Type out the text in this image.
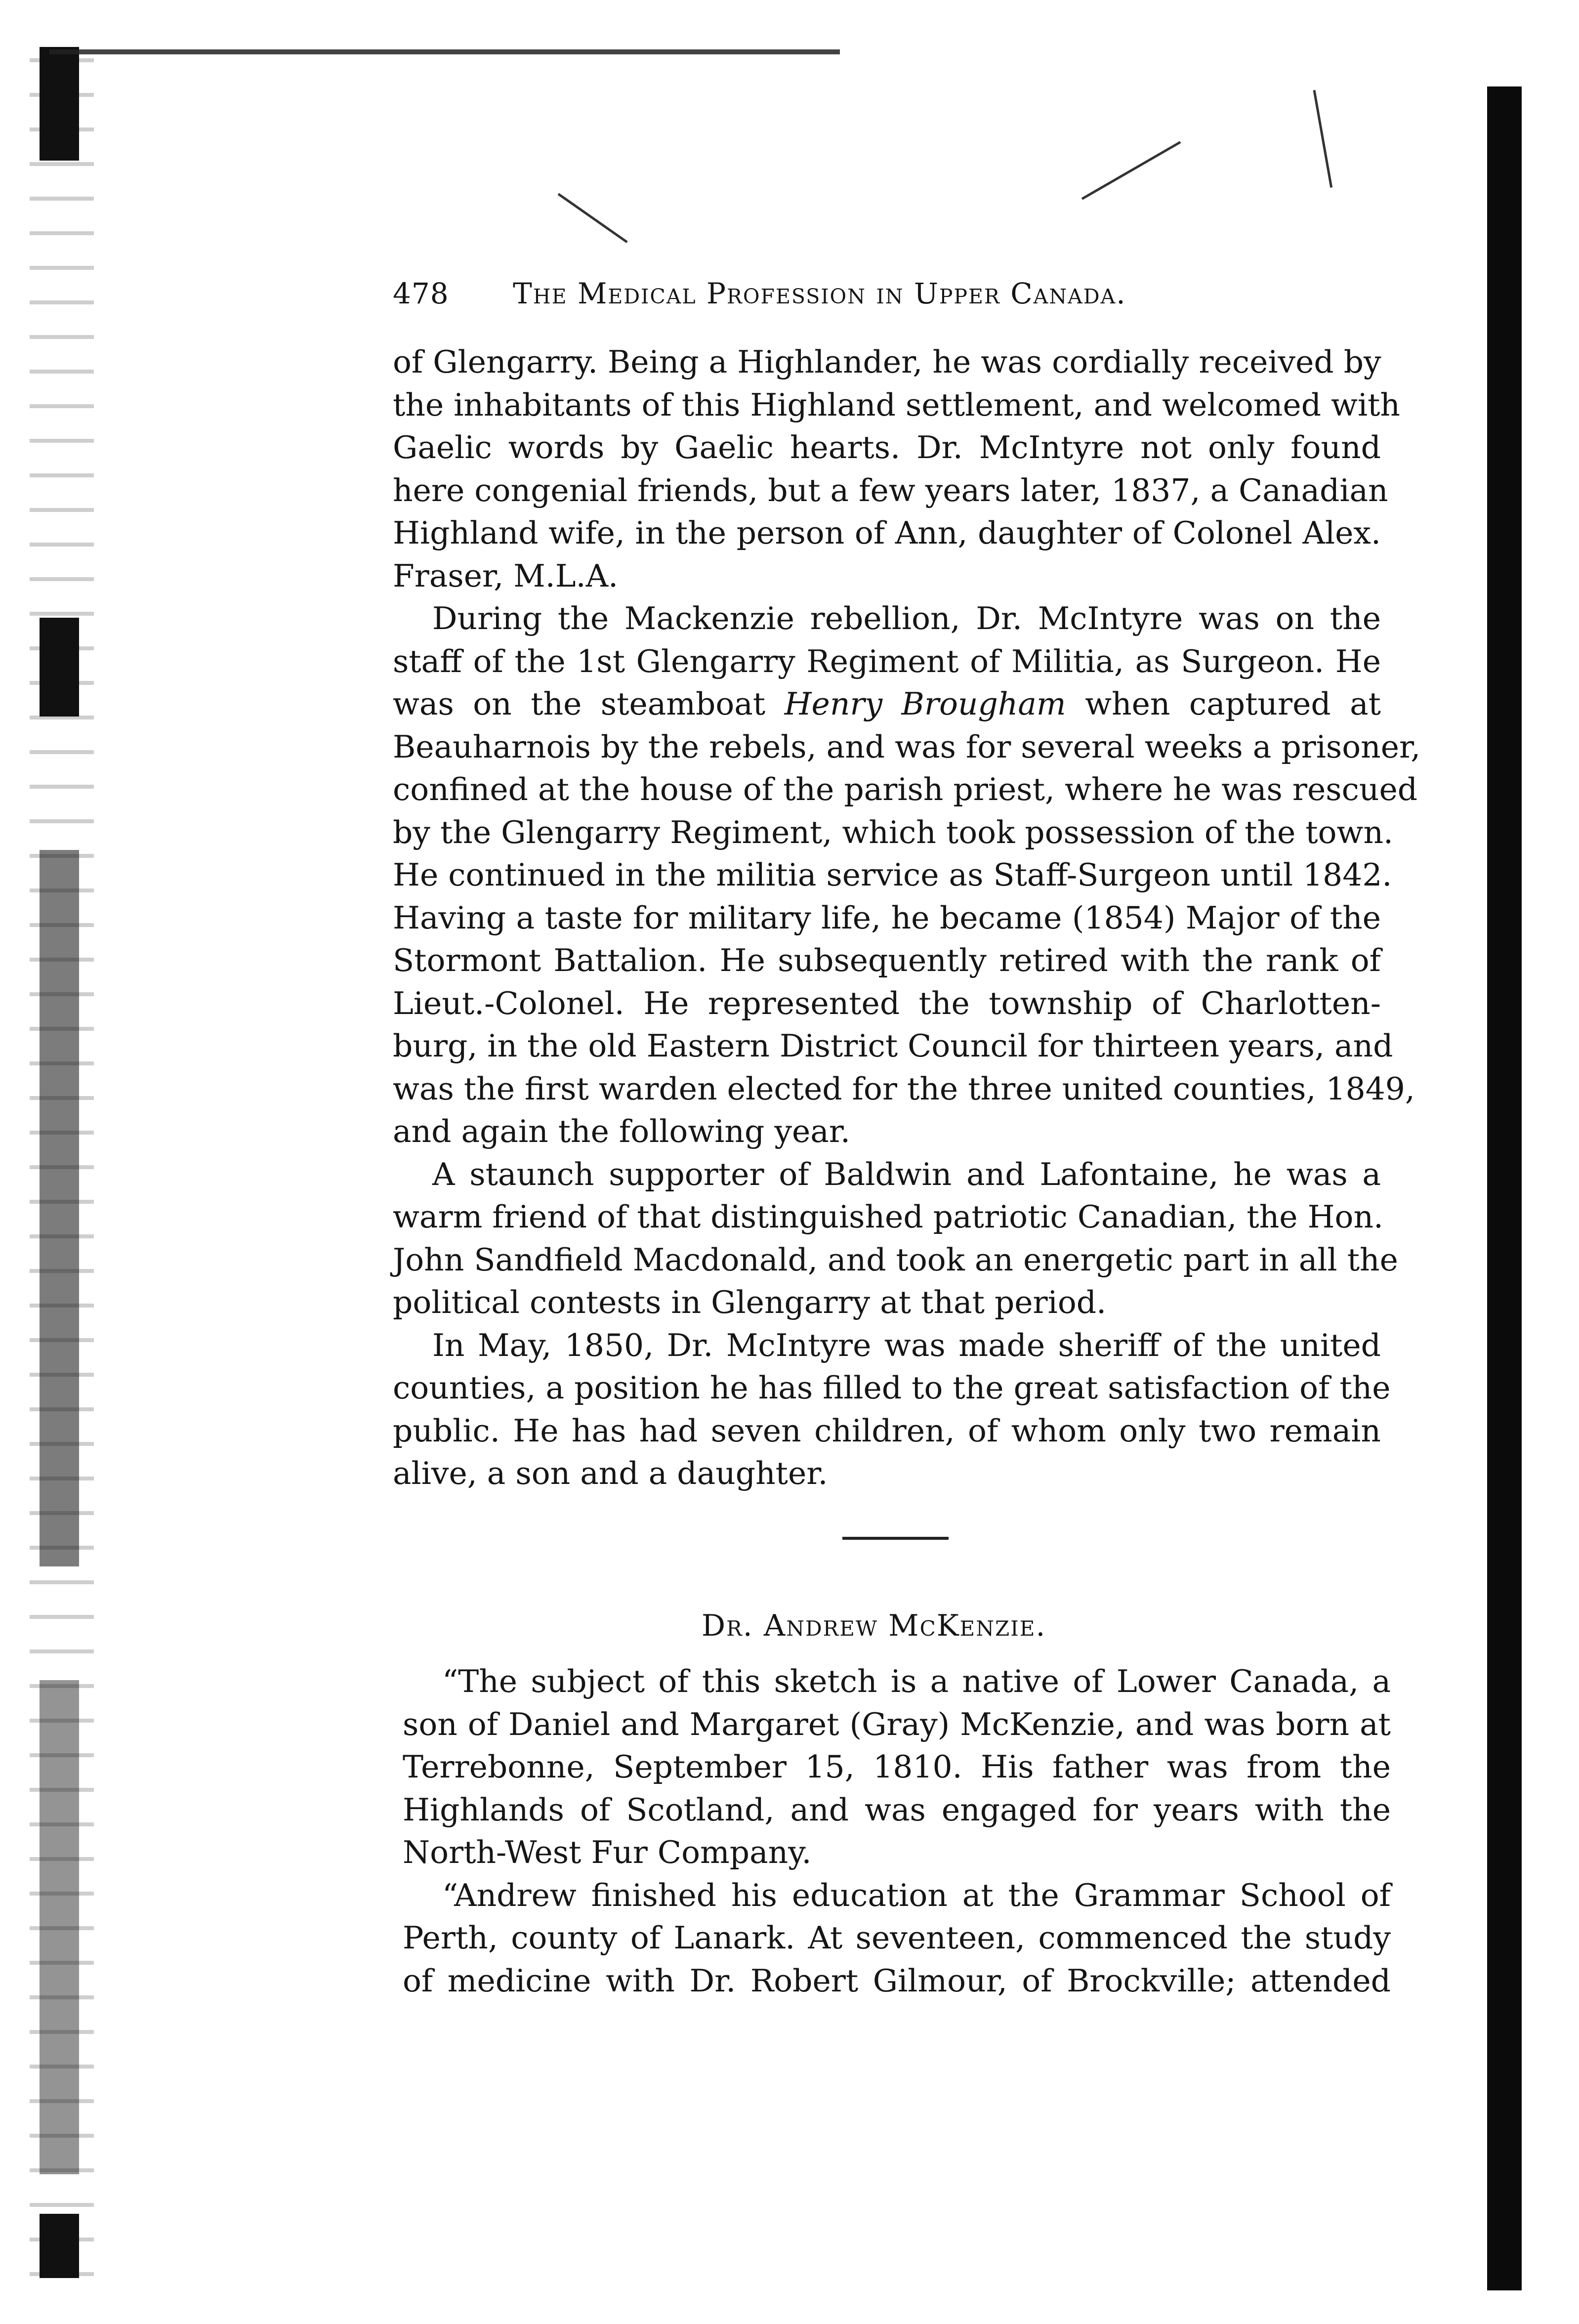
478 The Medical Profession in Upper Canada.

of Glengarry. Being a Highlander, he was cordially received by
the inhabitants of this Highland settlement, and welcomed with
Gaelic words by Gaelic hearts. Dr. McIntyre not only found
here congenial friends, but a few years later, 1837, a Canadian
Highland wife, in the person of Ann, daughter of Colonel Alex.
Fraser, M.L.A.

During the Mackenzie rebellion, Dr. McIntyre was on the
staff of the 1st Glengarry Regiment of Militia, as Surgeon. He
was on the steamboat Henry Brougham when captured at
Beauharnois by the rebels, and was for several weeks a prisoner,
confined at the house of the parish priest, where he was rescued
by the Glengarry Regiment, which took possession of the town.
He continued in the militia service as Staff-Surgeon until 1842.
Having a taste for military life, he became (1854) Major of the
Stormont Battalion. He subsequently retired with the rank of
Lieut.-Colonel. He represented the township of Charlotten-
burg, in the old Eastern District Council for thirteen years, and
was the first warden elected for the three united counties, 1849,
and again the following year.

A staunch supporter of Baldwin and Lafontaine, he was a
warm friend of that distinguished patriotic Canadian, the Hon.
John Sandfield Macdonald, and took an energetic part in all the
political contests in Glengarry at that period.

In May, 1850, Dr. McIntyre was made sheriff of the united
counties, a position he has filled to the great satisfaction of the
public. He has had seven children, of whom only two remain
alive, a son and a daughter.

Dr. Andrew McKenzie.

“The subject of this sketch is a native of Lower Canada, a
son of Daniel and Margaret (Gray) McKenzie, and was born at
Terrebonne, September 15, 1810. His father was from the
Highlands of Scotland, and was engaged for years with the
North-West Fur Company.

“Andrew finished his education at the Grammar School of
Perth, county of Lanark. At seventeen, commenced the study
of medicine with Dr. Robert Gilmour, of Brockville; attended
